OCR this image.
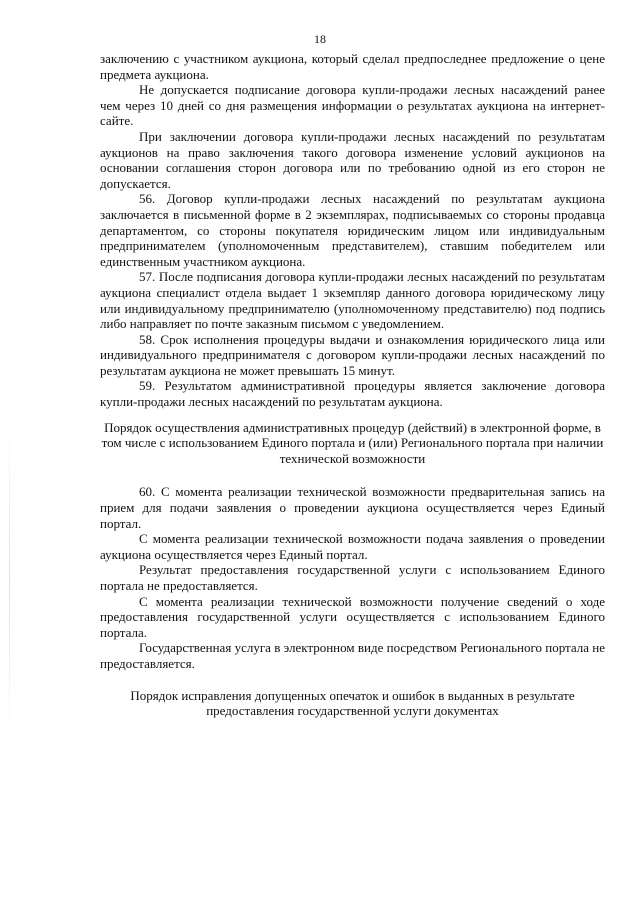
18

заключению с участником аукциона, который сделал предпоследнее предложение о цене предмета аукциона.

Не допускается подписание договора купли-продажи лесных насаждений ранее чем через 10 дней со дня размещения информации о результатах аукциона на интернет-сайте.

При заключении договора купли-продажи лесных насаждений по результатам аукционов на право заключения такого договора изменение условий аукционов на основании соглашения сторон договора или по требованию одной из его сторон не допускается.

56. Договор купли-продажи лесных насаждений по результатам аукциона заключается в письменной форме в 2 экземплярах, подписываемых со стороны продавца департаментом, со стороны покупателя юридическим лицом или индивидуальным предпринимателем (уполномоченным представителем), ставшим победителем или единственным участником аукциона.

57. После подписания договора купли-продажи лесных насаждений по результатам аукциона специалист отдела выдает 1 экземпляр данного договора юридическому лицу или индивидуальному предпринимателю (уполномоченному представителю) под подпись либо направляет по почте заказным письмом с уведомлением.

58. Срок исполнения процедуры выдачи и ознакомления юридического лица или индивидуального предпринимателя с договором купли-продажи лесных насаждений по результатам аукциона не может превышать 15 минут.

59. Результатом административной процедуры является заключение договора купли-продажи лесных насаждений по результатам аукциона.

Порядок осуществления административных процедур (действий) в электронной форме, в том числе с использованием Единого портала и (или) Регионального портала при наличии технической возможности

60. С момента реализации технической возможности предварительная запись на прием для подачи заявления о проведении аукциона осуществляется через Единый портал.

С момента реализации технической возможности подача заявления о проведении аукциона осуществляется через Единый портал.

Результат предоставления государственной услуги с использованием Единого портала не предоставляется.

С момента реализации технической возможности получение сведений о ходе предоставления государственной услуги осуществляется с использованием Единого портала.

Государственная услуга в электронном виде посредством Регионального портала не предоставляется.

Порядок исправления допущенных опечаток и ошибок в выданных в результате предоставления государственной услуги документах
